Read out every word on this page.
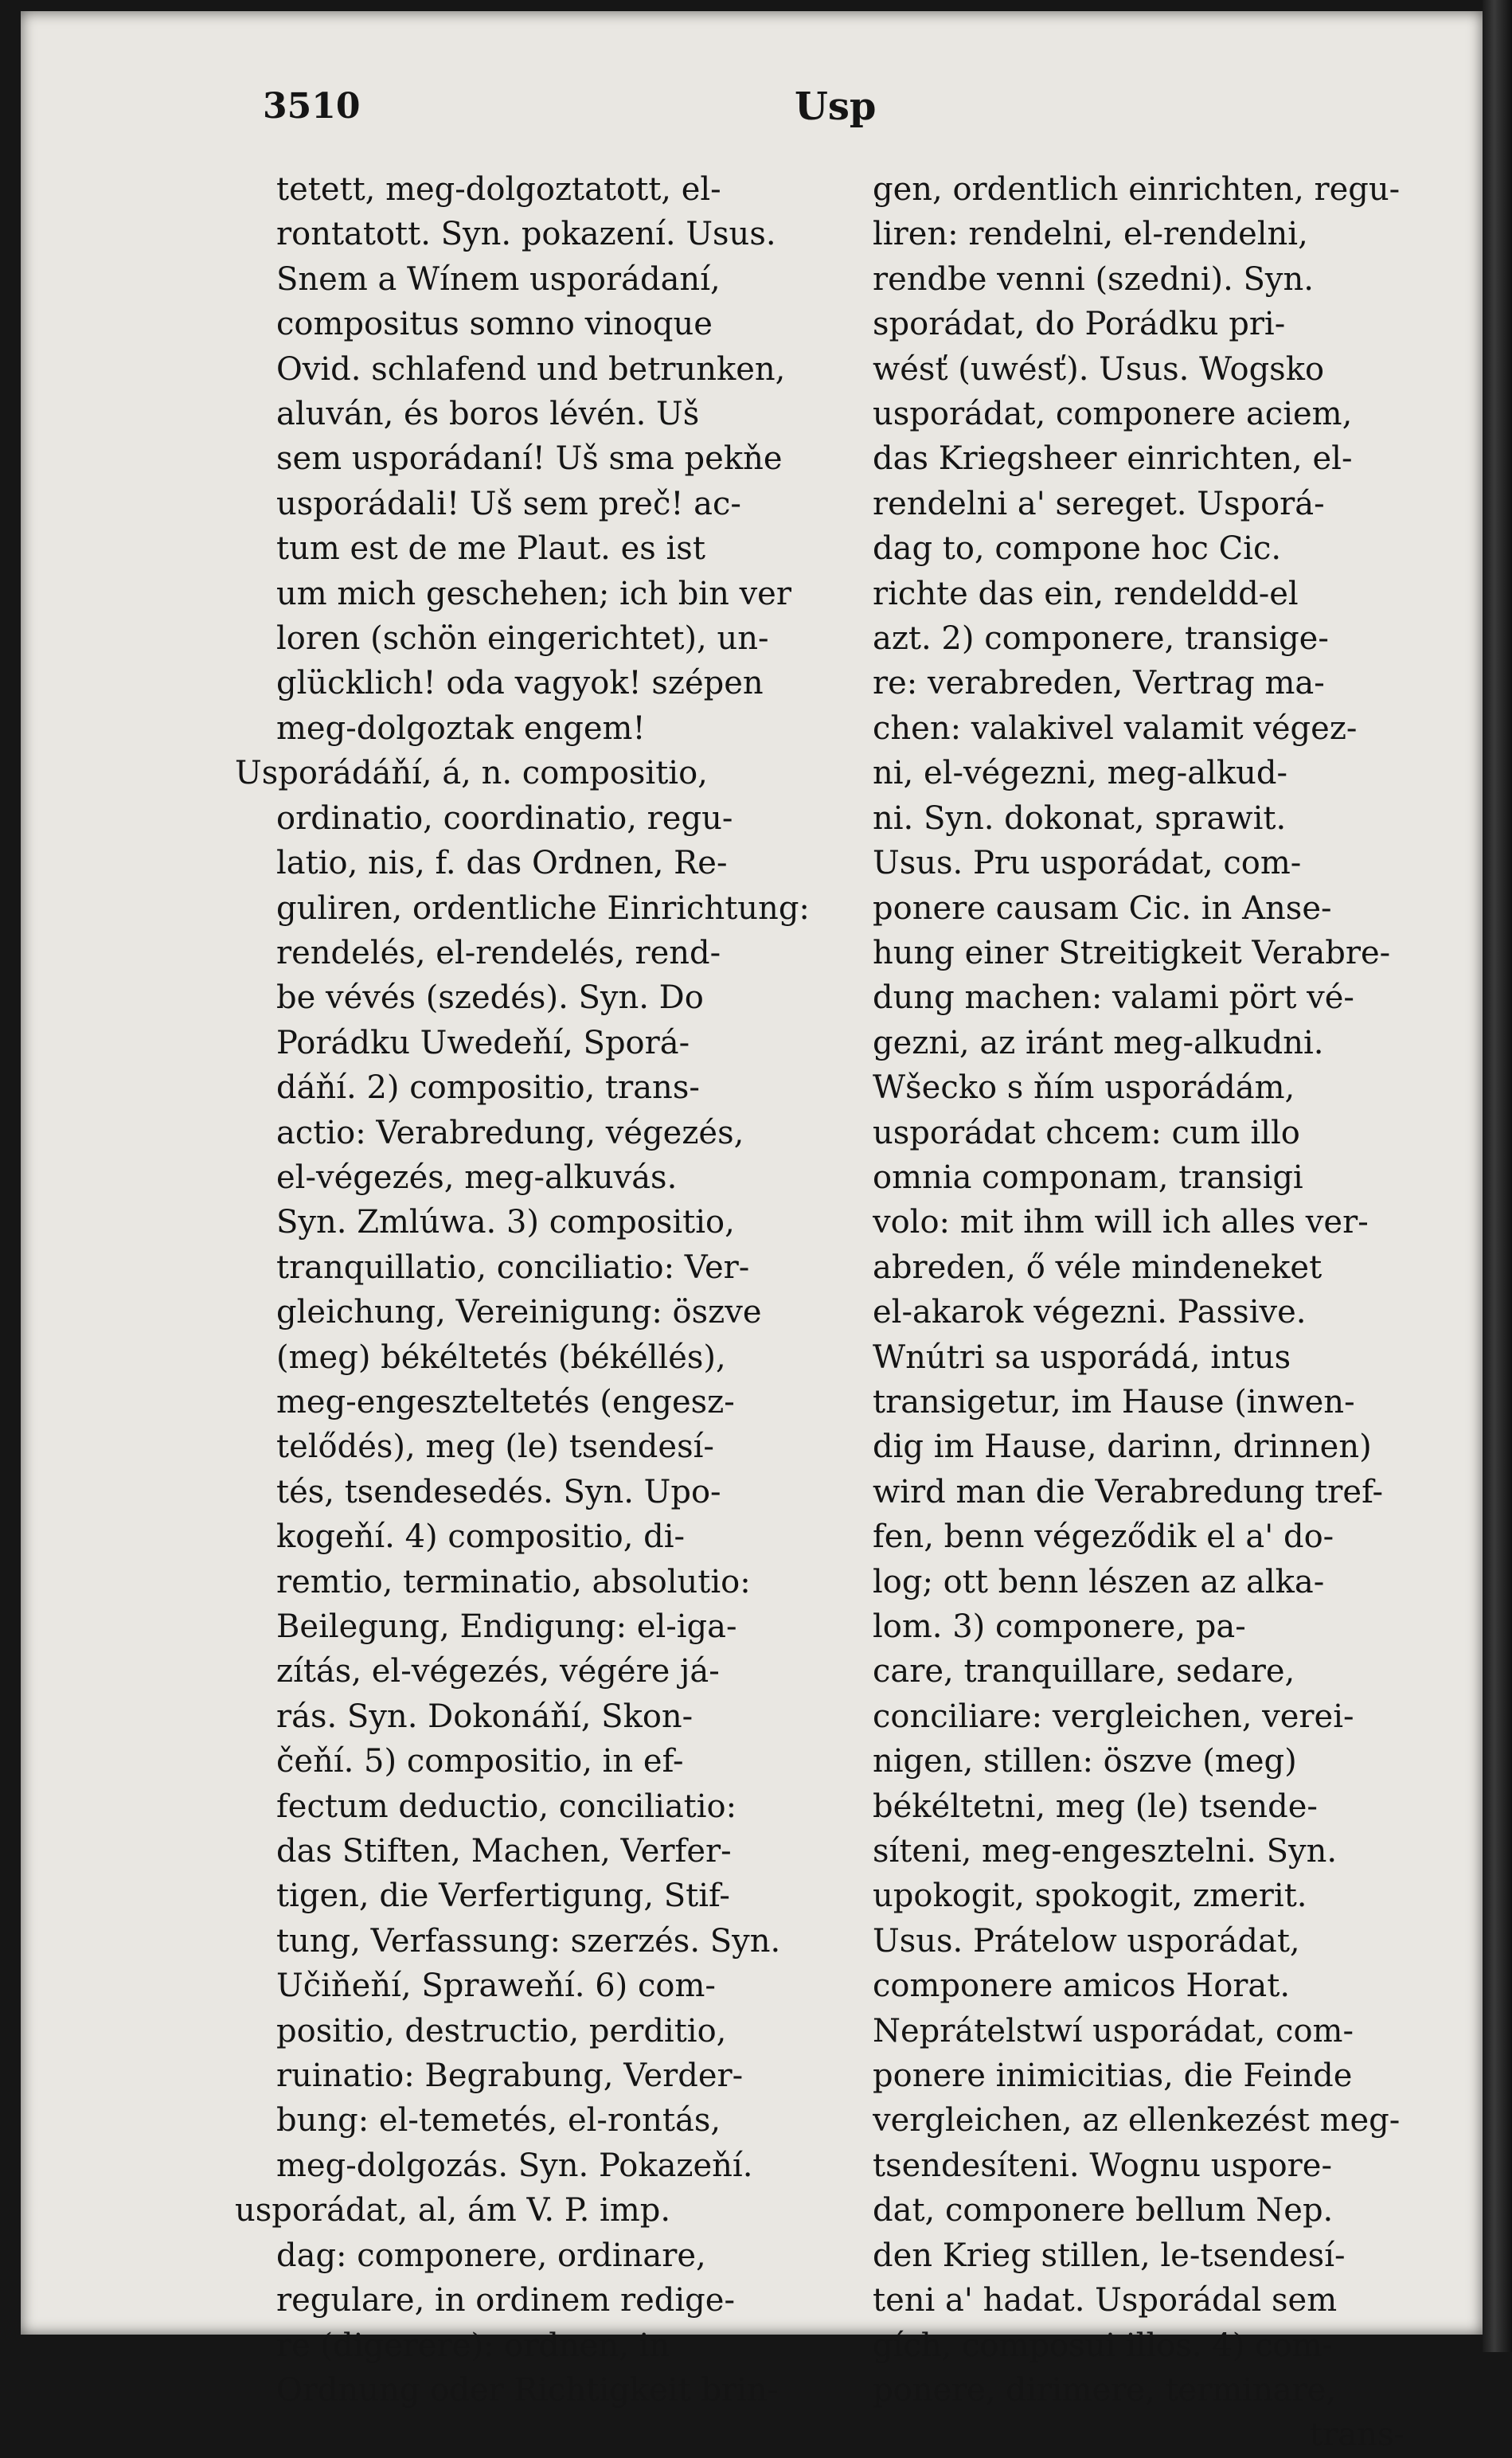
3510	Usp
tetett, meg-dolgoztatott, el-
rontatott. Syn. pokazení. Usus.
Snem a Wínem usporádaní,
compositus somno vinoque
Ovid. schlafend und betrunken,
aluván, és boros lévén. Uš
sem usporádaní! Uš sma pekňe
usporádali! Uš sem preč! ac-
tum est de me Plaut. es ist
um mich geschehen; ich bin ver
loren (schön eingerichtet), un-
glücklich! oda vagyok! szépen
meg-dolgoztak engem!
Usporádáňí, á, n. compositio,
ordinatio, coordinatio, regu-
latio, nis, f. das Ordnen, Re-
guliren, ordentliche Einrichtung:
rendelés, el-rendelés, rend-
be vévés (szedés). Syn. Do
Porádku Uwedeňí, Sporá-
dáňí. 2) compositio, trans-
actio: Verabredung, végezés,
el-végezés, meg-alkuvás.
Syn. Zmlúwa. 3) compositio,
tranquillatio, conciliatio: Ver-
gleichung, Vereinigung: öszve
(meg) békéltetés (békéllés),
meg-engeszteltetés (engesz-
telődés), meg (le) tsendesí-
tés, tsendesedés. Syn. Upo-
kogeňí. 4) compositio, di-
remtio, terminatio, absolutio:
Beilegung, Endigung: el-iga-
zítás, el-végezés, végére já-
rás. Syn. Dokonáňí, Skon-
čeňí. 5) compositio, in ef-
fectum deductio, conciliatio:
das Stiften, Machen, Verfer-
tigen, die Verfertigung, Stif-
tung, Verfassung: szerzés. Syn.
Učiňeňí, Spraweňí. 6) com-
positio, destructio, perditio,
ruinatio: Begrabung, Verder-
bung: el-temetés, el-rontás,
meg-dolgozás. Syn. Pokazeňí.
usporádat, al, ám V. P. imp.
dag: componere, ordinare,
regulare, in ordinem redige-
re (digerere): ordnen, in
Ordnung oder Richtigkeit brin-
gen, ordentlich einrichten, regu-
liren: rendelni, el-rendelni,
rendbe venni (szedni). Syn.
sporádat, do Porádku pri-
wésť (uwésť). Usus. Wogsko
usporádat, componere aciem,
das Kriegsheer einrichten, el-
rendelni a' sereget. Usporá-
dag to, compone hoc Cic.
richte das ein, rendeldd-el
azt. 2) componere, transige-
re: verabreden, Vertrag ma-
chen: valakivel valamit végez-
ni, el-végezni, meg-alkud-
ni. Syn. dokonat, sprawit.
Usus. Pru usporádat, com-
ponere causam Cic. in Anse-
hung einer Streitigkeit Verabre-
dung machen: valami pört vé-
gezni, az iránt meg-alkudni.
Wšecko s ňím usporádám,
usporádat chcem: cum illo
omnia componam, transigi
volo: mit ihm will ich alles ver-
abreden, ő véle mindeneket
el-akarok végezni. Passive.
Wnútri sa usporádá, intus
transigetur, im Hause (inwen-
dig im Hause, darinn, drinnen)
wird man die Verabredung tref-
fen, benn végeződik el a' do-
log; ott benn lészen az alka-
lom. 3) componere, pa-
care, tranquillare, sedare,
conciliare: vergleichen, verei-
nigen, stillen: öszve (meg)
békéltetni, meg (le) tsende-
síteni, meg-engesztelni. Syn.
upokogit, spokogit, zmerit.
Usus. Prátelow usporádat,
componere amicos Horat.
Neprátelstwí usporádat, com-
ponere inimicitias, die Feinde
vergleichen, az ellenkezést meg-
tsendesíteni. Wognu uspore-
dat, componere bellum Nep.
den Krieg stillen, le-tsendesí-
teni a' hadat. Usporádal sem
gích, composui illos. 4) com-
ponere, dirimere, terminare,
trans-
